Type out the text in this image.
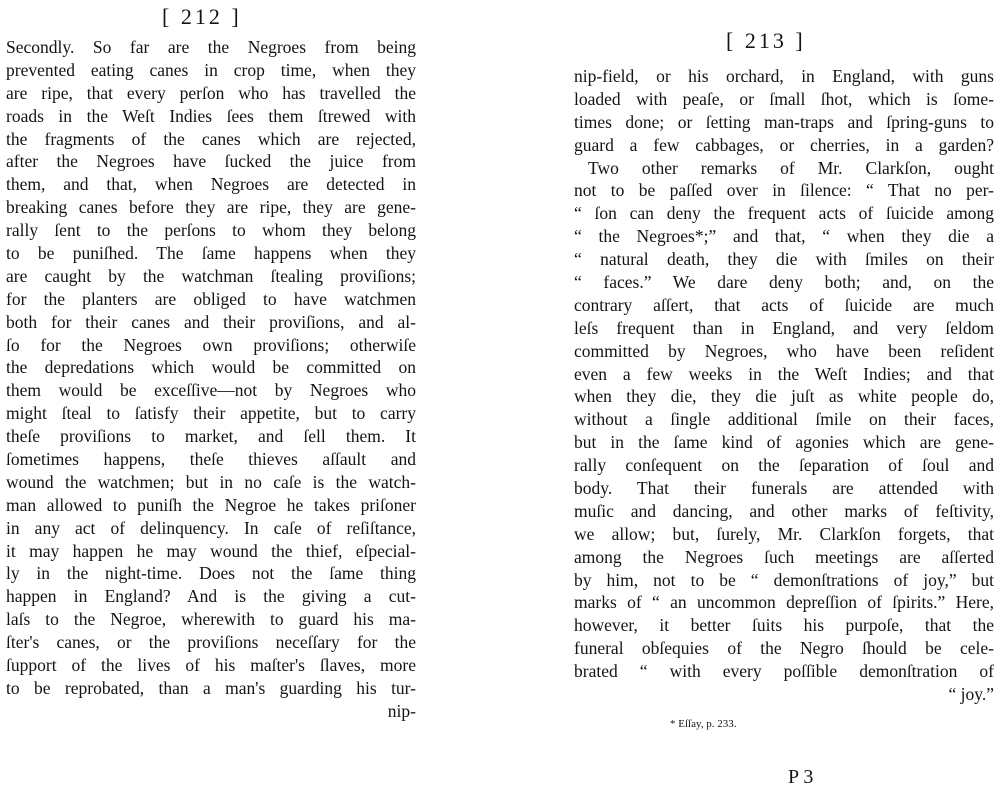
[ 212 ]
Secondly. So far are the Negroes from being
prevented eating canes in crop time, when they
are ripe, that every perſon who has travelled the
roads in the Weſt Indies ſees them ſtrewed with
the fragments of the canes which are rejected,
after the Negroes have ſucked the juice from
them, and that, when Negroes are detected in
breaking canes before they are ripe, they are gene-
rally ſent to the perſons to whom they belong
to be puniſhed. The ſame happens when they
are caught by the watchman ſtealing proviſions;
for the planters are obliged to have watchmen
both for their canes and their proviſions, and al-
ſo for the Negroes own proviſions; otherwiſe
the depredations which would be committed on
them would be exceſſive—not by Negroes who
might ſteal to ſatisfy their appetite, but to carry
theſe proviſions to market, and ſell them. It
ſometimes happens, theſe thieves aſſault and
wound the watchmen; but in no caſe is the watch-
man allowed to puniſh the Negroe he takes priſoner
in any act of delinquency. In caſe of reſiſtance,
it may happen he may wound the thief, eſpecial-
ly in the night-time. Does not the ſame thing
happen in England? And is the giving a cut-
laſs to the Negroe, wherewith to guard his ma-
ſter's canes, or the proviſions neceſſary for the
ſupport of the lives of his maſter's ſlaves, more
to be reprobated, than a man's guarding his tur-
nip-
[ 213 ]
nip-field, or his orchard, in England, with guns
loaded with peaſe, or ſmall ſhot, which is ſome-
times done; or ſetting man-traps and ſpring-guns to
guard a few cabbages, or cherries, in a garden?
Two other remarks of Mr. Clarkſon, ought
not to be paſſed over in ſilence: “ That no per-
“ ſon can deny the frequent acts of ſuicide among
“ the Negroes*;” and that, “ when they die a
“ natural death, they die with ſmiles on their
“ faces.” We dare deny both; and, on the
contrary aſſert, that acts of ſuicide are much
leſs frequent than in England, and very ſeldom
committed by Negroes, who have been reſident
even a few weeks in the Weſt Indies; and that
when they die, they die juſt as white people do,
without a ſingle additional ſmile on their faces,
but in the ſame kind of agonies which are gene-
rally conſequent on the ſeparation of ſoul and
body. That their funerals are attended with
muſic and dancing, and other marks of feſtivity,
we allow; but, ſurely, Mr. Clarkſon forgets, that
among the Negroes ſuch meetings are aſſerted
by him, not to be “ demonſtrations of joy,” but
marks of “ an uncommon depreſſion of ſpirits.” Here,
however, it better ſuits his purpoſe, that the
funeral obſequies of the Negro ſhould be cele-
brated “ with every poſſible demonſtration of
“ joy.”
* Eſſay, p. 233.
P 3
